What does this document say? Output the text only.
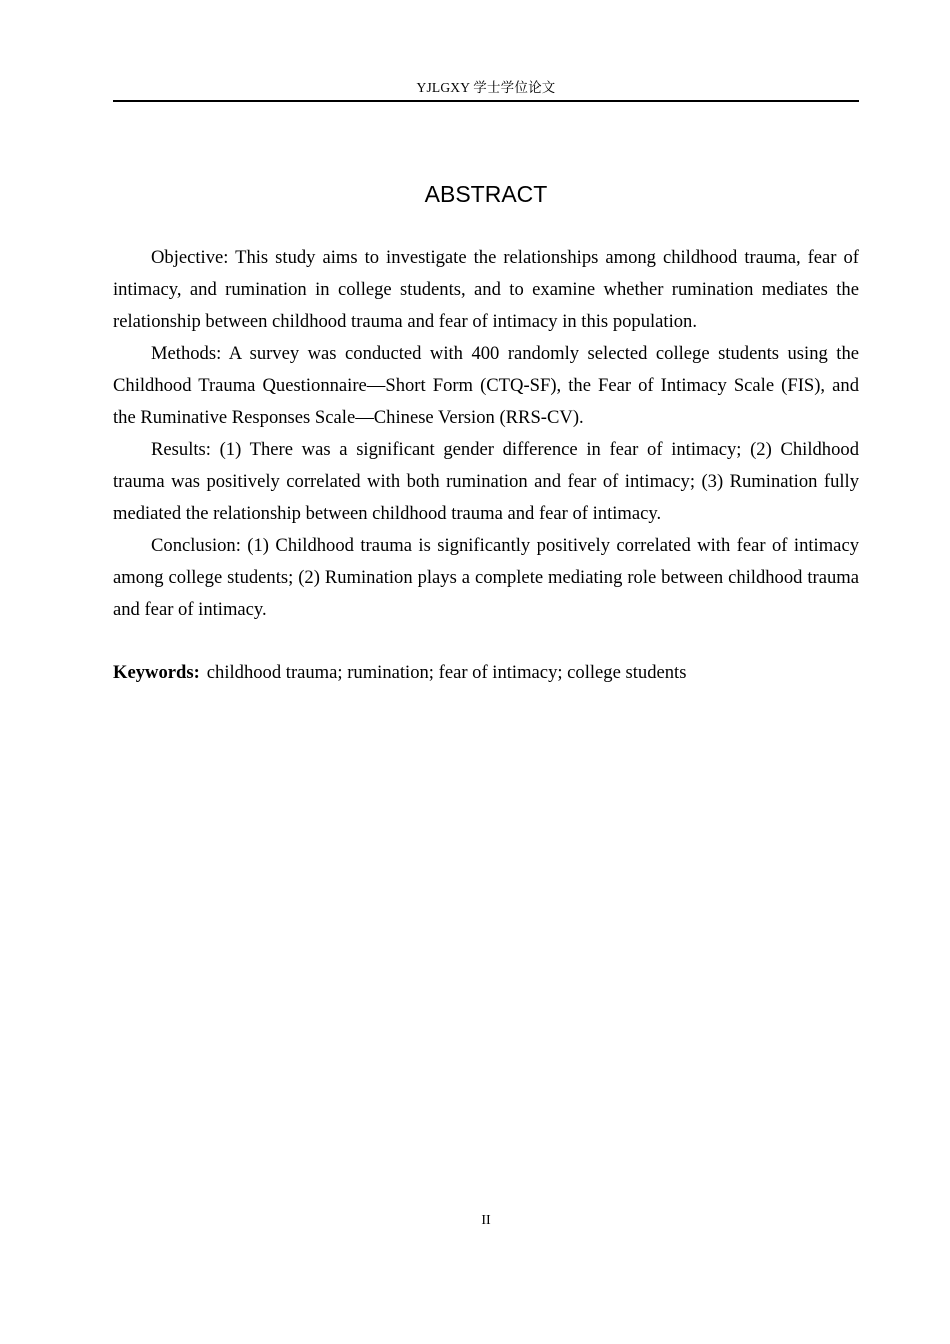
YJLGXY 学士学位论文
ABSTRACT

Objective: This study aims to investigate the relationships among childhood trauma, fear of intimacy, and rumination in college students, and to examine whether rumination mediates the relationship between childhood trauma and fear of intimacy in this population.

Methods: A survey was conducted with 400 randomly selected college students using the Childhood Trauma Questionnaire—Short Form (CTQ-SF), the Fear of Intimacy Scale (FIS), and the Ruminative Responses Scale—Chinese Version (RRS-CV).

Results: (1) There was a significant gender difference in fear of intimacy; (2) Childhood trauma was positively correlated with both rumination and fear of intimacy; (3) Rumination fully mediated the relationship between childhood trauma and fear of intimacy.

Conclusion: (1) Childhood trauma is significantly positively correlated with fear of intimacy among college students; (2) Rumination plays a complete mediating role between childhood trauma and fear of intimacy.

Keywords: childhood trauma; rumination; fear of intimacy; college students
II
